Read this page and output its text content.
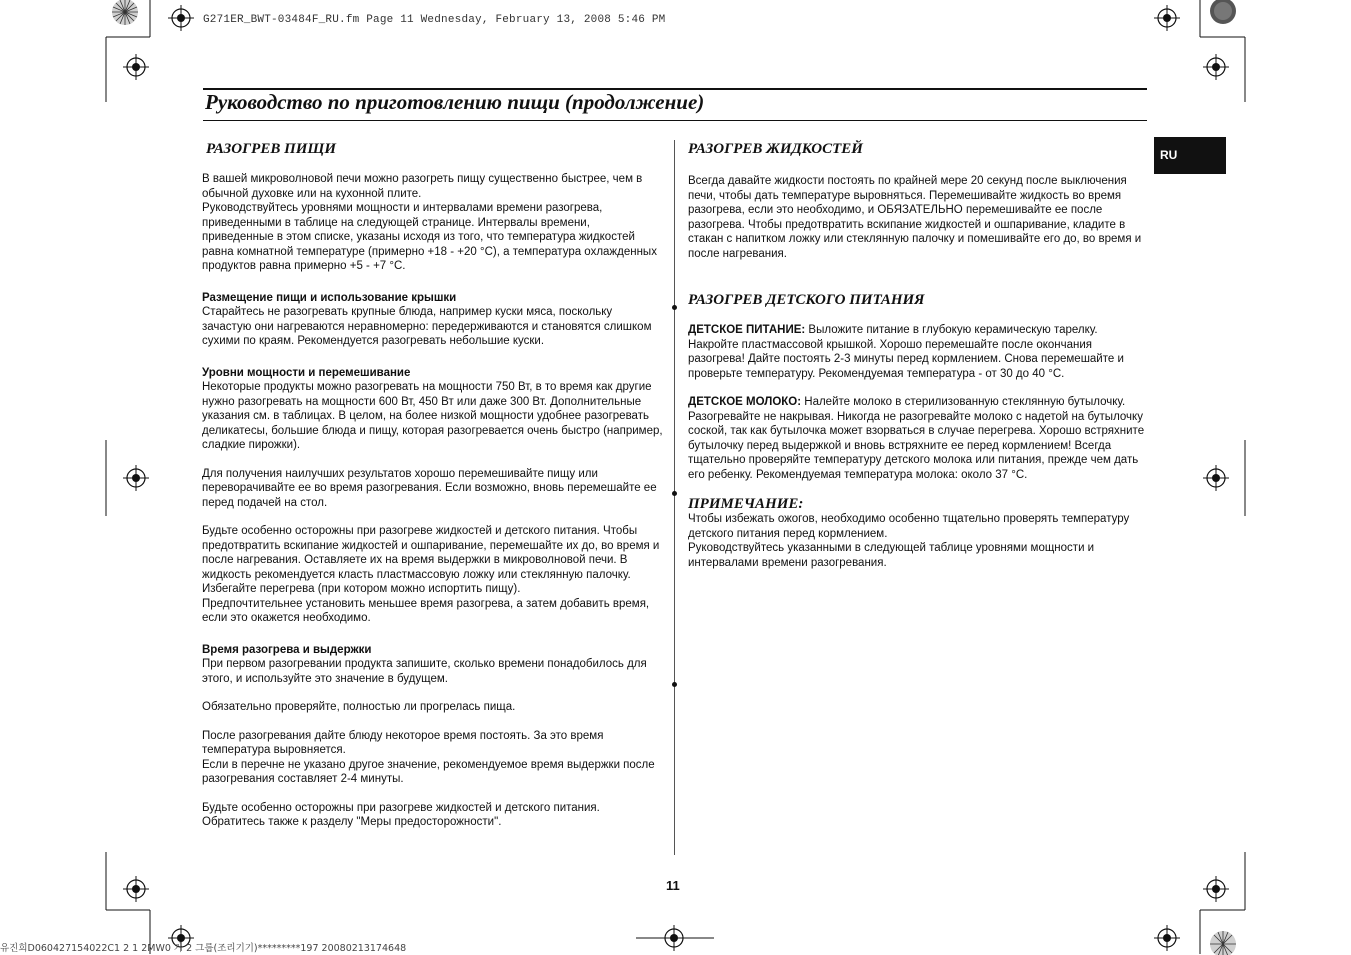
G271ER_BWT-03484F_RU.fm Page 11 Wednesday, February 13, 2008 5:46 PM
Руководство по приготовлению пищи (продолжение)
RU
РАЗОГРЕВ ПИЩИ

В вашей микроволновой печи можно разогреть пищу существенно быстрее, чем в обычной духовке или на кухонной плите.

Руководствуйтесь уровнями мощности и интервалами времени разогрева, приведенными в таблице на следующей странице. Интервалы времени, приведенные в этом списке, указаны исходя из того, что температура жидкостей равна комнатной температуре (примерно +18 - +20 °C), а температура охлажденных продуктов равна примерно +5 - +7 °C.

Размещение пищи и использование крышки

Старайтесь не разогревать крупные блюда, например куски мяса, поскольку зачастую они нагреваются неравномерно: передерживаются и становятся слишком сухими по краям. Рекомендуется разогревать небольшие куски.

Уровни мощности и перемешивание

Некоторые продукты можно разогревать на мощности 750 Вт, в то время как другие нужно разогревать на мощности 600 Вт, 450 Вт или даже 300 Вт. Дополнительные указания см. в таблицах. В целом, на более низкой мощности удобнее разогревать деликатесы, большие блюда и пищу, которая разогревается очень быстро (например, сладкие пирожки).

Для получения наилучших результатов хорошо перемешивайте пищу или переворачивайте ее во время разогревания. Если возможно, вновь перемешайте ее перед подачей на стол.

Будьте особенно осторожны при разогреве жидкостей и детского питания. Чтобы предотвратить вскипание жидкостей и ошпаривание, перемешайте их до, во время и после нагревания. Оставляете их на время выдержки в микроволновой печи. В жидкость рекомендуется класть пластмассовую ложку или стеклянную палочку. Избегайте перегрева (при котором можно испортить пищу).

Предпочтительнее установить меньшее время разогрева, а затем добавить время, если это окажется необходимо.

Время разогрева и выдержки

При первом разогревании продукта запишите, сколько времени понадобилось для этого, и используйте это значение в будущем.

Обязательно проверяйте, полностью ли прогрелась пища.

После разогревания дайте блюду некоторое время постоять. За это время температура выровняется.

Если в перечне не указано другое значение, рекомендуемое время выдержки после разогревания составляет 2-4 минуты.

Будьте особенно осторожны при разогреве жидкостей и детского питания. Обратитесь также к разделу "Меры предосторожности".

РАЗОГРЕВ ЖИДКОСТЕЙ

Всегда давайте жидкости постоять по крайней мере 20 секунд после выключения печи, чтобы дать температуре выровняться. Перемешивайте жидкость во время разогрева, если это необходимо, и ОБЯЗАТЕЛЬНО перемешивайте ее после разогрева. Чтобы предотвратить вскипание жидкостей и ошпаривание, кладите в стакан с напитком ложку или стеклянную палочку и помешивайте его до, во время и после нагревания.

РАЗОГРЕВ ДЕТСКОГО ПИТАНИЯ

ДЕТСКОЕ ПИТАНИЕ: Выложите питание в глубокую керамическую тарелку. Накройте пластмассовой крышкой. Хорошо перемешайте после окончания разогрева! Дайте постоять 2-3 минуты перед кормлением. Снова перемешайте и проверьте температуру. Рекомендуемая температура - от 30 до 40 °C.

ДЕТСКОЕ МОЛОКО: Налейте молоко в стерилизованную стеклянную бутылочку. Разогревайте не накрывая. Никогда не разогревайте молоко с надетой на бутылочку соской, так как бутылочка может взорваться в случае перегрева. Хорошо встряхните бутылочку перед выдержкой и вновь встряхните ее перед кормлением! Всегда тщательно проверяйте температуру детского молока или питания, прежде чем дать его ребенку. Рекомендуемая температура молока: около 37 °C.

ПРИМЕЧАНИЕ:

Чтобы избежать ожогов, необходимо особенно тщательно проверять температуру детского питания перед кормлением.

Руководствуйтесь указанными в следующей таблице уровнями мощности и интервалами времени разогревания.

11
유진희D060427154022C1 2 1 2MW0 가 2 그룹(조리기기)*********197 20080213174648
